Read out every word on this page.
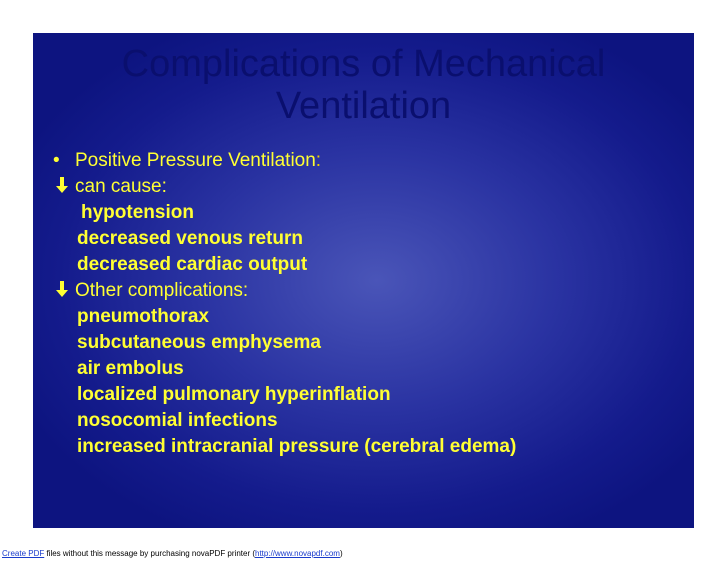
Complications of Mechanical
Ventilation
• Positive Pressure Ventilation:
can cause:
hypotension
decreased venous return
decreased cardiac output
Other complications:
pneumothorax
subcutaneous emphysema
air embolus
localized pulmonary hyperinflation
nosocomial infections
increased intracranial pressure (cerebral edema)
Create PDF files without this message by purchasing novaPDF printer (http://www.novapdf.com)
